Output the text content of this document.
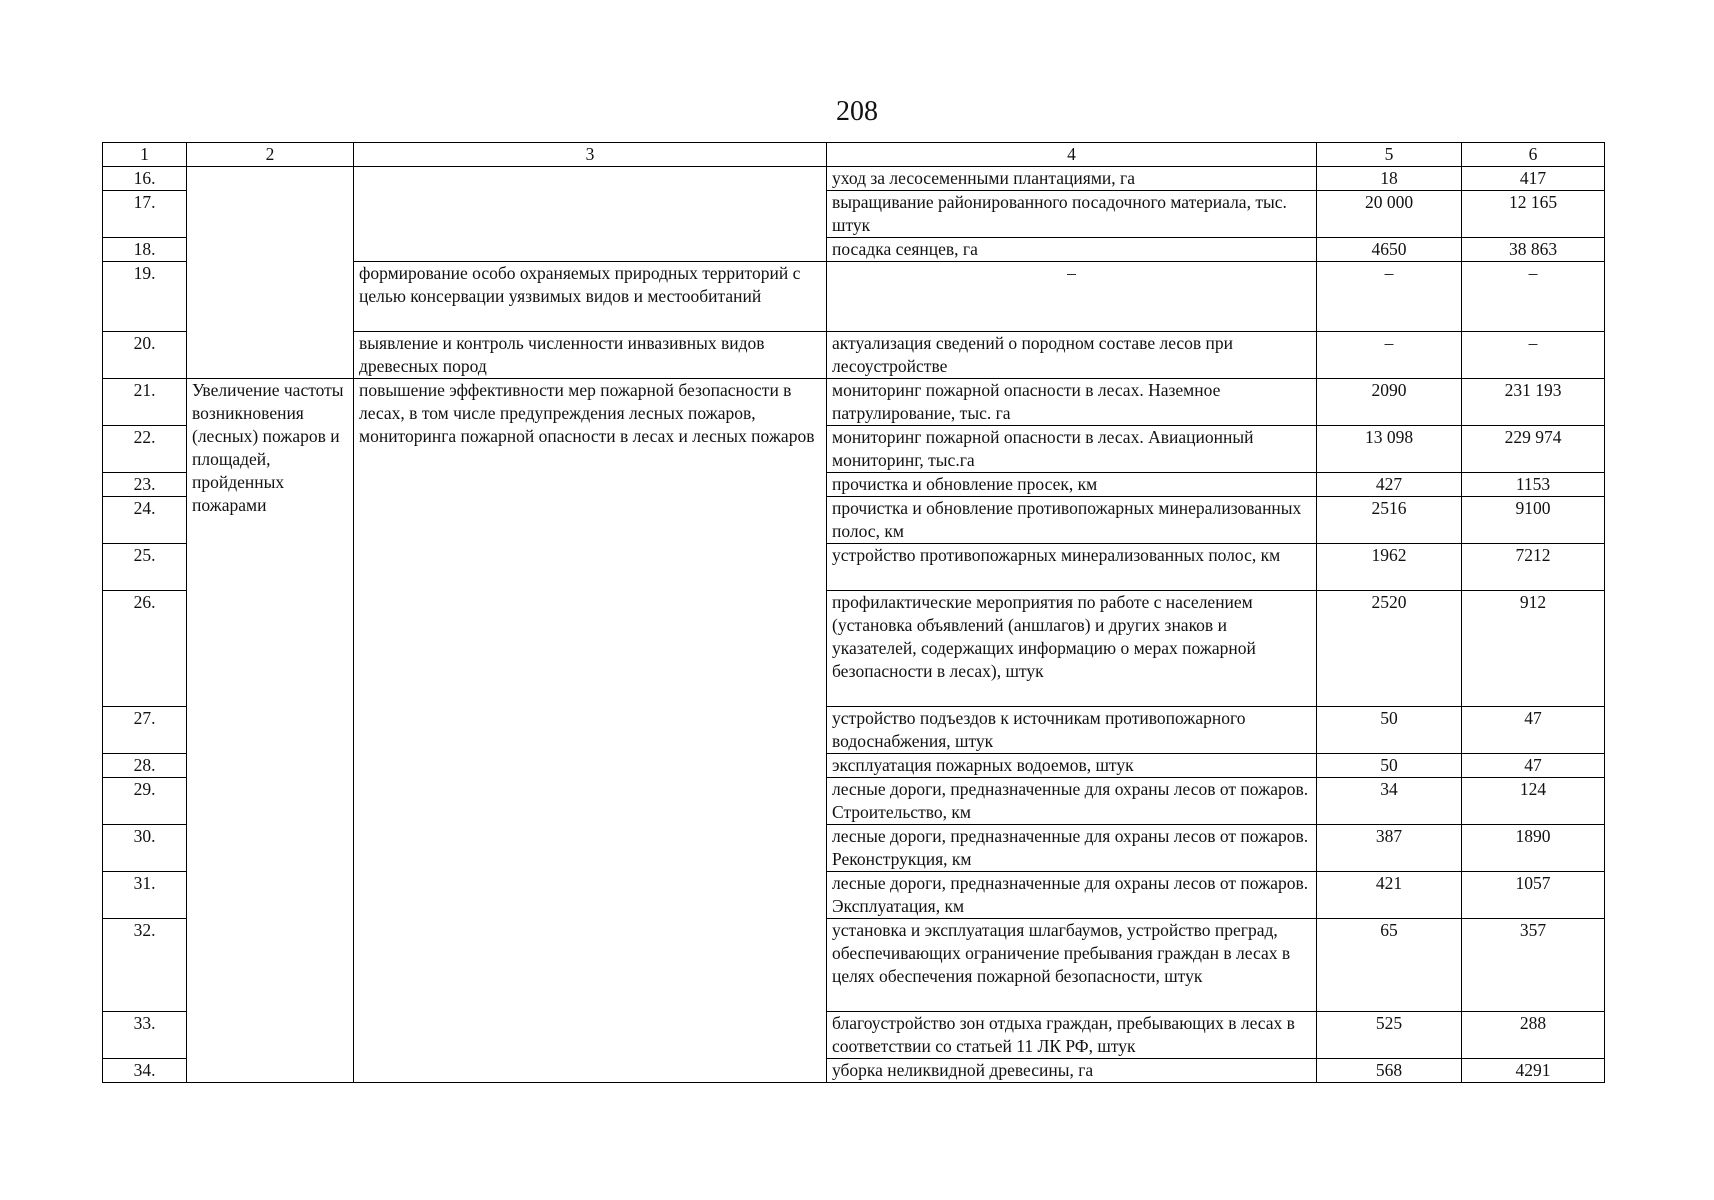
208
1	2	3	4	5	6
16.			уход за лесосеменными плантациями, га	18	417
17.			выращивание районированного посадочного материала, тыс. штук	20 000	12 165
18.			посадка сеянцев, га	4650	38 863
19.		формирование особо охраняемых природных территорий с целью консервации уязвимых видов и местообитаний	–	–	–
20.		выявление и контроль численности инвазивных видов древесных пород	актуализация сведений о породном составе лесов при лесоустройстве	–	–
21.	Увеличение частоты возникновения (лесных) пожаров и площадей, пройденных пожарами	повышение эффективности мер пожарной безопасности в лесах, в том числе предупреждения лесных пожаров, мониторинга пожарной опасности в лесах и лесных пожаров	мониторинг пожарной опасности в лесах. Наземное патрулирование, тыс. га	2090	231 193
22.			мониторинг пожарной опасности в лесах. Авиационный мониторинг, тыс.га	13 098	229 974
23.			прочистка и обновление просек, км	427	1153
24.			прочистка и обновление противопожарных минерализованных полос, км	2516	9100
25.			устройство противопожарных минерализованных полос, км	1962	7212
26.			профилактические мероприятия по работе с населением (установка объявлений (аншлагов) и других знаков и указателей, содержащих информацию о мерах пожарной безопасности в лесах), штук	2520	912
27.			устройство подъездов к источникам противопожарного водоснабжения, штук	50	47
28.			эксплуатация пожарных водоемов, штук	50	47
29.			лесные дороги, предназначенные для охраны лесов от пожаров. Строительство, км	34	124
30.			лесные дороги, предназначенные для охраны лесов от пожаров. Реконструкция, км	387	1890
31.			лесные дороги, предназначенные для охраны лесов от пожаров. Эксплуатация, км	421	1057
32.			установка и эксплуатация шлагбаумов, устройство преград, обеспечивающих ограничение пребывания граждан в лесах в целях обеспечения пожарной безопасности, штук	65	357
33.			благоустройство зон отдыха граждан, пребывающих в лесах в соответствии со статьей 11 ЛК РФ, штук	525	288
34.			уборка неликвидной древесины, га	568	4291
